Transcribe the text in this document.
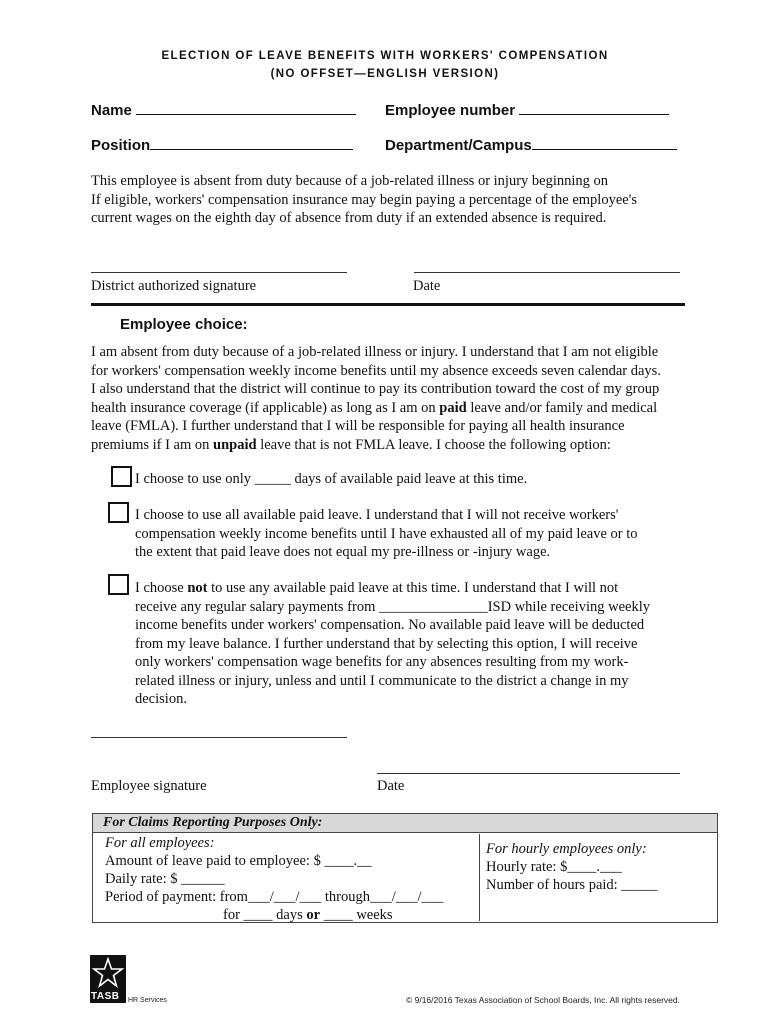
ELECTION OF LEAVE BENEFITS WITH WORKERS' COMPENSATION
(NO OFFSET—ENGLISH VERSION)
Name	Employee number
Position	Department/Campus

This employee is absent from duty because of a job-related illness or injury beginning on

If eligible, workers' compensation insurance may begin paying a percentage of the employee's

current wages on the eighth day of absence from duty if an extended absence is required.

District authorized signature	Date
Employee choice:

I am absent from duty because of a job-related illness or injury. I understand that I am not eligible

for workers' compensation weekly income benefits until my absence exceeds seven calendar days.

I also understand that the district will continue to pay its contribution toward the cost of my group

health insurance coverage (if applicable) as long as I am on paid leave and/or family and medical

leave (FMLA). I further understand that I will be responsible for paying all health insurance

premiums if I am on unpaid leave that is not FMLA leave. I choose the following option:

I choose to use only _____ days of available paid leave at this time.

I choose to use all available paid leave. I understand that I will not receive workers'

compensation weekly income benefits until I have exhausted all of my paid leave or to

the extent that paid leave does not equal my pre-illness or -injury wage.

I choose not to use any available paid leave at this time. I understand that I will not

receive any regular salary payments from _______________ISD while receiving weekly

income benefits under workers' compensation. No available paid leave will be deducted

from my leave balance. I further understand that by selecting this option, I will receive

only workers' compensation wage benefits for any absences resulting from my work-

related illness or injury, unless and until I communicate to the district a change in my

decision.

Employee signature	Date
For Claims Reporting Purposes Only:
For all employees:
Amount of leave paid to employee: $ ____.__
Daily rate: $ ______
Period of payment: from___/___/___ through___/___/___
for ____ days or ____ weeks
For hourly employees only:
Hourly rate: $____.___
Number of hours paid: _____
TASB HR Services	© 9/16/2016 Texas Association of School Boards, Inc. All rights reserved.
